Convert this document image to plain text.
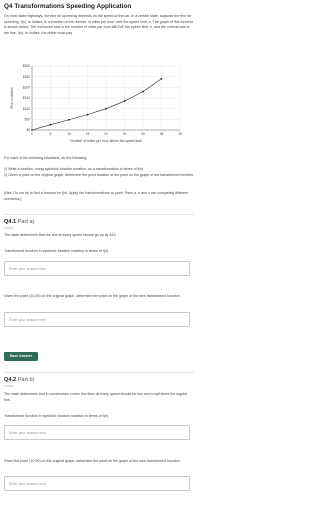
Q4 Transformations Speeding Application
On most state highways, the fine for speeding depends on the speed of the car. In a certain state, suppose the fine for speeding, f(n), in dollars, is a function of the number of miles per hour over the speed limit, n. The graph of this function is shown below. The horizontal axis is the number of miles per hour ABOVE the speed limit, n, and the vertical axis is the fine, f(n), in dollars, the driver must pay.
0	5	10	15	20	25	30	35	40
$0
$50
$100
$150
$200
$250
$300
Number of miles per hour above the speed limit
Fine in dollars
For each of the following situations, do the following:
1) Write a function, using symbolic function notation, as a transformation in terms of f(n).
2) Given a point on the original graph, determine the point location of the point on the graph of the transformed function.
[Hint: Do not try to find a formula for f(n). Apply the transformations to point. Parts a, b and c are completely different scenarios.]
Q4.1 Part a)
1 Point
The state determines that the fine at every speed should go up by $15.
Transformed function in symbolic function notation in terms of f(n).
Enter your answer here
Given the point (10,50) on the original graph, determine the point on the graph of the new transformed function.
Enter your answer here
Save Answer
Q4.2 Part b)
1 Point
The state determines that in construction zones, the fines at every speed should be two and a half times the regular fine.
Transformed function in symbolic function notation in terms of f(n).
Enter your answer here
Given the point (10,50) on the original graph, determine the point on the graph of the new transformed function.
Enter your answer here
